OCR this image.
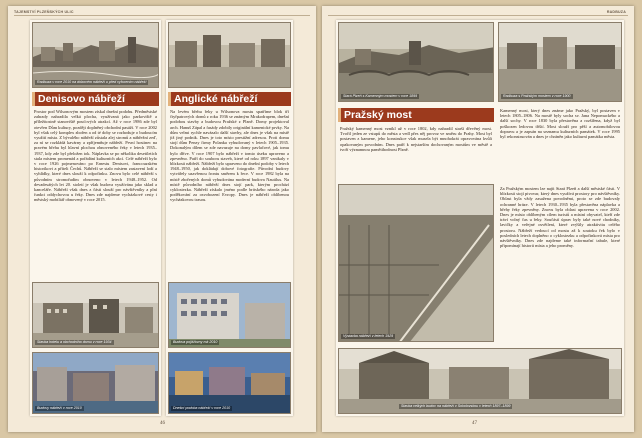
TAJEMSTVÍ PLZEŇSKÝCH ULIC
Radbuza v roce 2010 na dobovém nábřeží u před vyfocením nábřeží
Denisovo nábřeží
Prostor pod Wilsonovým mostem získal dnešní podobu. Předměstské zahrady nahradila velká plocha, využívaná jako parkoviště a příležitostně stanoviště pouťových atrakcí. Až v roce 1986 zde byl otevřen Dům kultury, později doplněný obchodní pasáží. V roce 2002 byl však celý komplex zbořen a od té doby se rozhoduje o budoucím využití místa. Z bývalého nábřeží zůstala alej stromů a nábřežní zeď, za ní se rozkládá kavárny a zpříjemňuje nábřeží. První hostinec na pravém břehu byl hlavní plochou obnoveného řeky v letech 1935–1937, kdy zde byl přeložen tok. Náplavka se po několika desetiletích stala místem promenád a pořádání kulturních akcí. Celé nábřeží bylo v roce 1926 pojmenováno po Ernestu Denisovi, francouzském historikovi a příteli Čechů. Nábřeží se stalo místem zastavení lodí a vyhlídky, které dnes slouží k odpočinku. Znovu bylo celé nábřeží s původním stromořadím obnoveno v letech 1948–1952. Od devadesátých let 20. století je však budova využívána jako sklad a kanceláře. Nábřeží však dnes z části slouží pro návštěvníky a plní funkci oddychovou u řeky. Dnes zde najdeme vycházkové cesty i městský mobiliář obnovený v roce 2015.
Stavba hotelu a obchodního domu v roce 1934
Budovy nábřeží v roce 2010
Anglické nábřeží
Na levém břehu řeky u Wilsonova mostu spatříme blok tří čtyřpatrových domů z roku 1936 se známým Mrakodrapem, dnešní podobou stavby a budovou Pražské z Plzně. Domy projektoval arch. Hanuš Zápal a fasády zdobily originální kamenické prvky. Na dům velmi rychle navázalo další stavby, ale dnes je však na místě již jiný podnik. Dnes je toto místo prestižní adresou. Proti domu stojí dům Penzy firmy Polanka vybudovaný v letech 1905–1935. Dokonalým dílem se zde navazuje na domy pavlačové, jak tomu bylo dříve. V roce 1907 bylo nábřeží v tomto úseku upraveno a zpevněno. Patří do souboru staveb, které od roku 1897 vznikaly v blízkosti nábřeží. Nábřeží bylo upraveno do dnešní podoby v letech 1948–1950, jak dokládají dobové fotografie. Původní budovy vytvářely uzavřenou frontu směrem k řece. V roce 1982 byla na místě zbořených domů vybudována moderní budova Nautilus. Na místě původního nábřeží dnes stojí park, kterým prochází cyklostezka. Nábřeží získalo jméno podle britského národa jako poděkování za osvobození Evropy. Dnes je nábřeží oblíbenou vycházkovou trasou.
Budova pojišťovny rok 2010
Dnešní podoba nábřeží v roce 2010
46
RADBUZA
Stará Plzeň s Kamenným mostem v roce 1899	Radbuza s Pražským mostem v roce 1900
Pražský most
Pražský kamenný most vznikl už v roce 1802, kdy nahradil starší dřevěný most. Tvořil jeden ze vstupů do města a vedl přes něj provoz ve směru do Prahy. Most byl postaven z kamene, jeho konstrukce však musela být mnohokrát opravována kvůli opakovaným povodním. Dnes patří k nejstarším dochovaným mostům ve městě a tvoří významnou pamětihodnost Plzně.
Kamenný most, který dnes známe jako Pražský, byl postaven v letech 1805–1806. Na mostě byly socha sv. Jana Nepomuckého a další sochy. V roce 1830 byla přestavěna a rozšířena, když byl poškozen ledovou tříští. Most slouží pro pěší a automobilovou dopravu a je zapsán na seznamu kulturních památek. V roce 1995 byl rekonstruován a dnes je chráněn jako kulturní památka města.
Výstavba nábřeží v letech 1929
Za Pražským mostem lze najít Stará Plzeň a další městské části. V blízkosti stojí pivovar, který dnes využívá prostory pro návštěvníky. Oblast byla vždy zasažena povodněmi, proto se zde budovaly ochranné hráze. V letech 1930–1935 byla přestavěna náplavka a břehy řeky zpevněny. Znovu byla oblast upravena v roce 2002. Dnes je místo oblíbeným cílem turistů a místní obyvatel, kteří zde tráví volný čas u řeky. Součástí úprav byly také nové chodníky, lavičky a veřejné osvětlení, které zvýšily atraktivitu celého prostoru. Nábřeží vedoucí od mostu až k soutoku řek bylo v posledních letech doplněno o cyklostezku a odpočinková místa pro návštěvníky. Dnes zde najdeme také informační tabule, které připomínají historii místa a jeho proměny.
Stavba velkých budov na nábřeží v Sokolovskou v letech 1897–1899
47
